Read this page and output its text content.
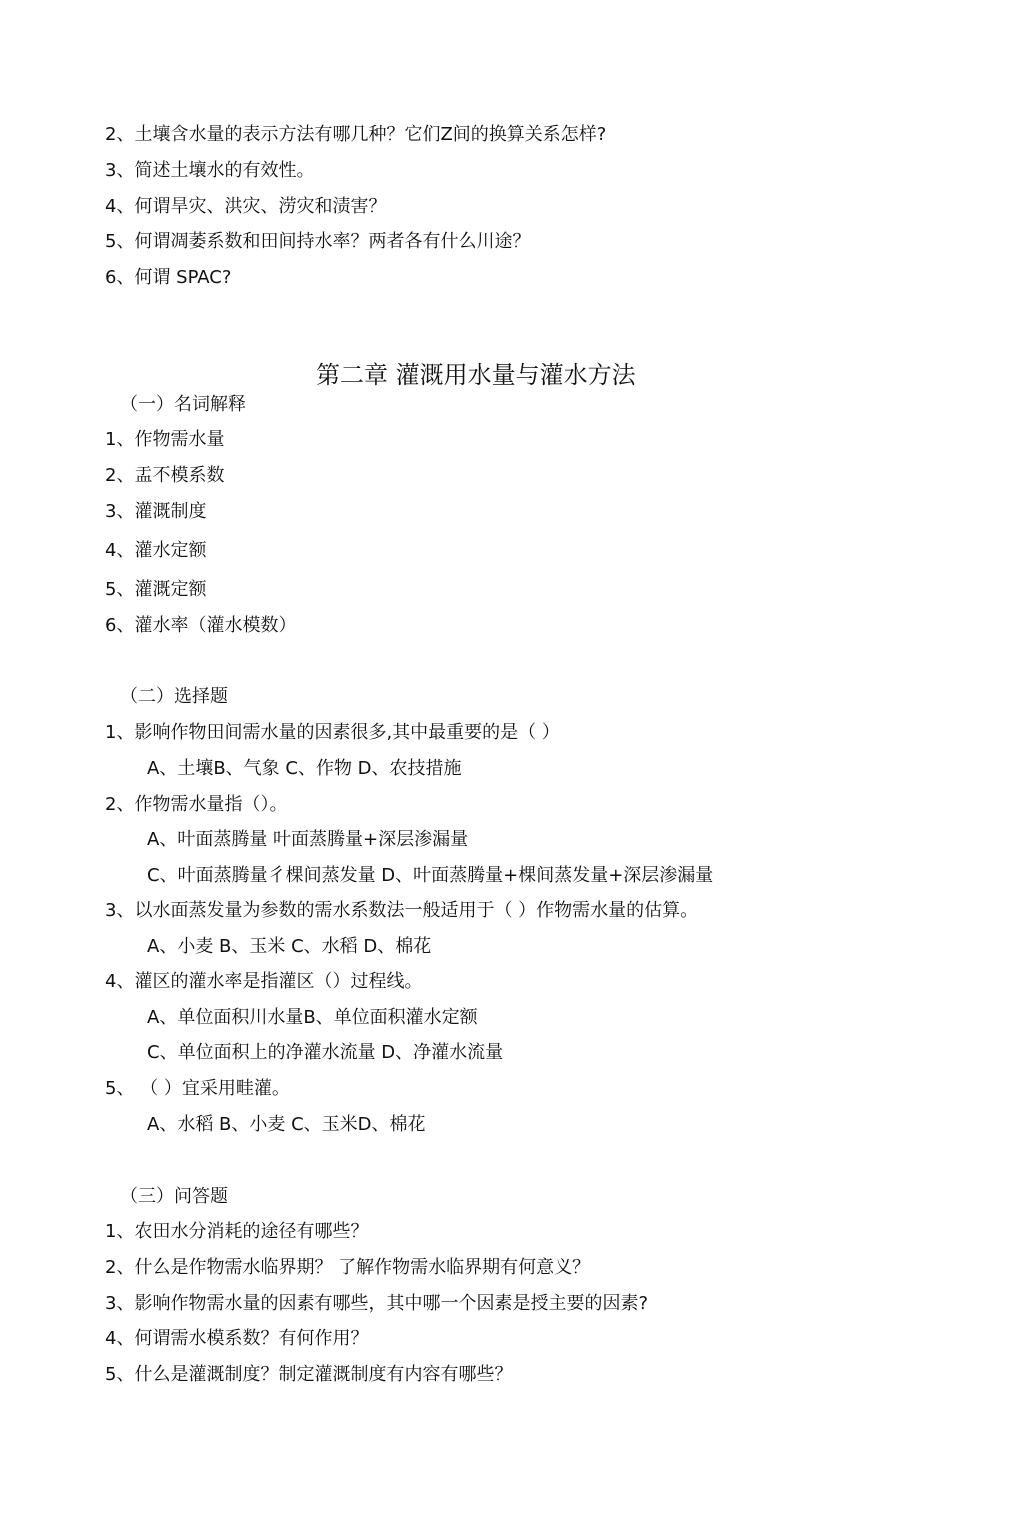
2、土壤含水量的表示方法有哪几种？它们Z间的换算关系怎样?
3、简述土壤水的有效性。
4、何谓旱灾、洪灾、涝灾和渍害？
5、何谓凋萎系数和田间持水率？两者各有什么川途？
6、何谓 SPAC?
第二章 灌溉用水量与灌水方法
（一）名词解释
1、作物需水量
2、盂不模系数
3、灌溉制度
4、灌水定额
5、灌溉定额
6、灌水率（灌水模数）
（二）选择题
1、影响作物田间需水量的因素很多,其中最重要的是（ ）
A、土壤B、气象 C、作物 D、农技措施
2、作物需水量指（）。
A、叶面蒸腾量 叶面蒸腾量+深层渗漏量
C、叶面蒸腾量彳棵间蒸发量 D、叶面蒸腾量+棵间蒸发量+深层渗漏量
3、以水面蒸发量为参数的需水系数法一般适用于（ ）作物需水量的估算。
A、小麦 B、玉米 C、水稻 D、棉花
4、灌区的灌水率是指灌区（）过程线。
A、单位面积川水量B、单位面积灌水定额
C、单位面积上的净灌水流量 D、净灌水流量
5、 （ ）宜采用畦灌。
A、水稻 B、小麦 C、玉米D、棉花
（三）问答题
1、农田水分消耗的途径有哪些？
2、什么是作物需水临界期？ 了解作物需水临界期有何意义？
3、影响作物需水量的因素有哪些，其中哪一个因素是授主要的因素?
4、何谓需水模系数？有何作用？
5、什么是灌溉制度？制定灌溉制度有内容有哪些？
